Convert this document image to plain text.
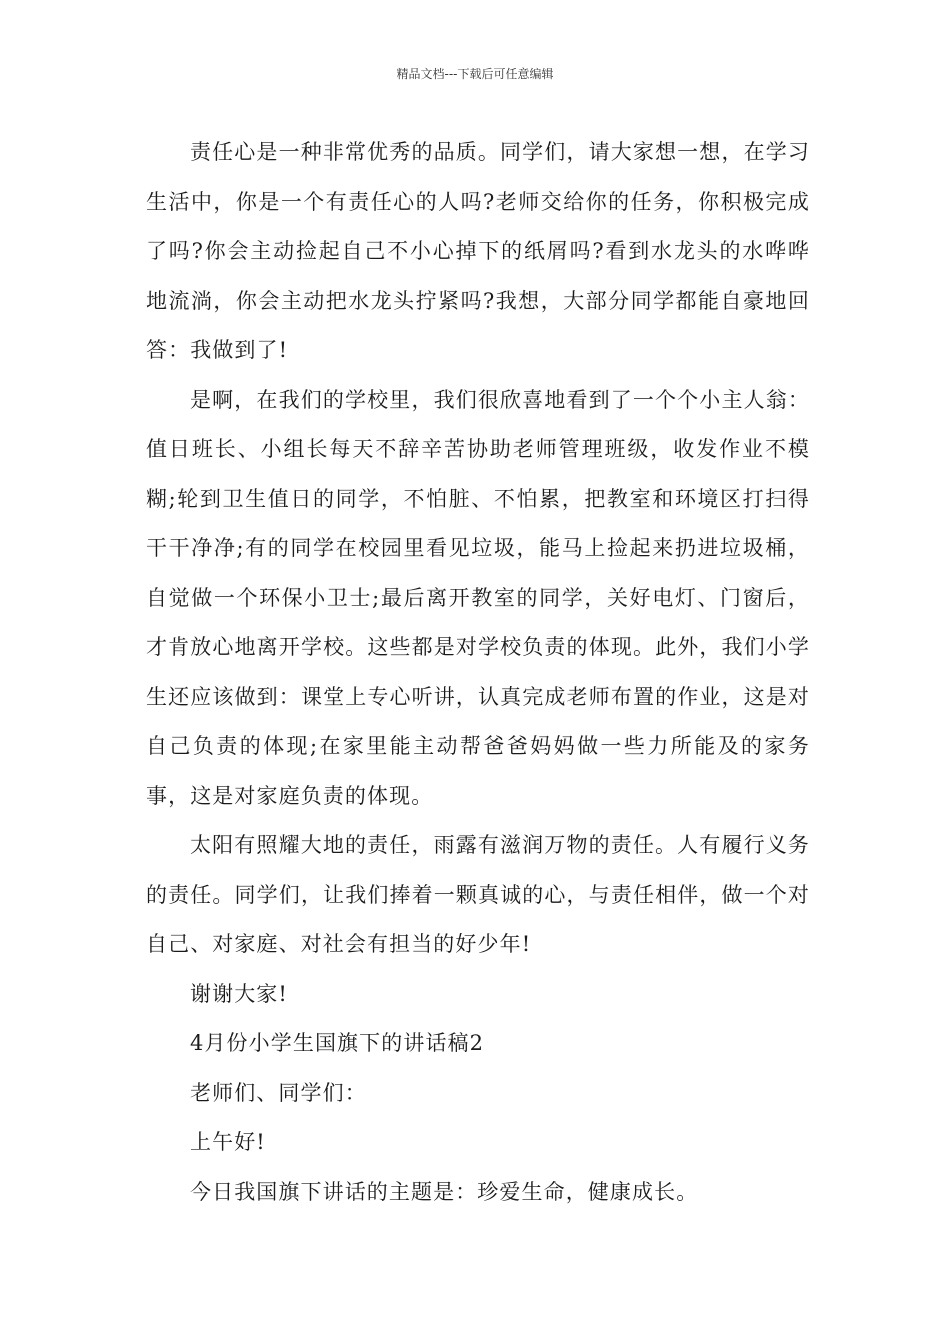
精品文档---下载后可任意编辑

责任心是一种非常优秀的品质。同学们，请大家想一想，在学习生活中，你是一个有责任心的人吗?老师交给你的任务，你积极完成了吗?你会主动捡起自己不小心掉下的纸屑吗?看到水龙头的水哗哗地流淌，你会主动把水龙头拧紧吗?我想，大部分同学都能自豪地回答：我做到了!

是啊，在我们的学校里，我们很欣喜地看到了一个个小主人翁：值日班长、小组长每天不辞辛苦协助老师管理班级，收发作业不模糊;轮到卫生值日的同学，不怕脏、不怕累，把教室和环境区打扫得干干净净;有的同学在校园里看见垃圾，能马上捡起来扔进垃圾桶，自觉做一个环保小卫士;最后离开教室的同学，关好电灯、门窗后，才肯放心地离开学校。这些都是对学校负责的体现。此外，我们小学生还应该做到：课堂上专心听讲，认真完成老师布置的作业，这是对自己负责的体现;在家里能主动帮爸爸妈妈做一些力所能及的家务事，这是对家庭负责的体现。

太阳有照耀大地的责任，雨露有滋润万物的责任。人有履行义务的责任。同学们，让我们捧着一颗真诚的心，与责任相伴，做一个对自己、对家庭、对社会有担当的好少年!

谢谢大家!

4月份小学生国旗下的讲话稿2

老师们、同学们：

上午好!

今日我国旗下讲话的主题是：珍爱生命，健康成长。
